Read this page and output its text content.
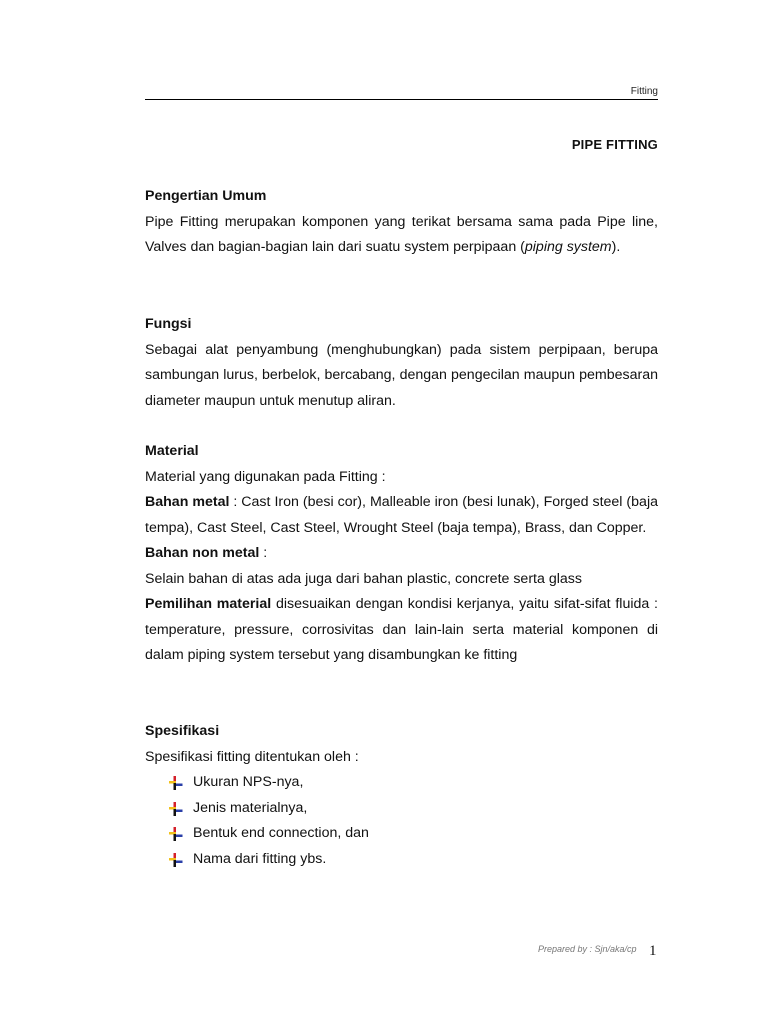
Fitting
PIPE FITTING

Pengertian Umum

Pipe Fitting merupakan komponen yang terikat bersama sama pada Pipe line, Valves dan bagian-bagian lain dari suatu system perpipaan (piping system).

Fungsi

Sebagai alat penyambung (menghubungkan) pada sistem perpipaan, berupa sambungan lurus, berbelok, bercabang, dengan pengecilan maupun pembesaran diameter maupun untuk menutup aliran.

Material

Material yang digunakan pada Fitting :

Bahan metal : Cast Iron (besi cor), Malleable iron (besi lunak), Forged steel (baja tempa), Cast Steel, Cast Steel, Wrought Steel (baja tempa), Brass, dan Copper.

Bahan non metal :

Selain bahan di atas ada juga dari bahan plastic, concrete serta glass

Pemilihan material disesuaikan dengan kondisi kerjanya, yaitu sifat-sifat fluida : temperature, pressure, corrosivitas dan lain-lain serta material komponen di dalam piping system tersebut yang disambungkan ke fitting

Spesifikasi

Spesifikasi fitting ditentukan oleh :

Ukuran NPS-nya,
Jenis materialnya,
Bentuk end connection, dan
Nama dari fitting ybs.
Prepared by : Sjn/aka/cp 1
